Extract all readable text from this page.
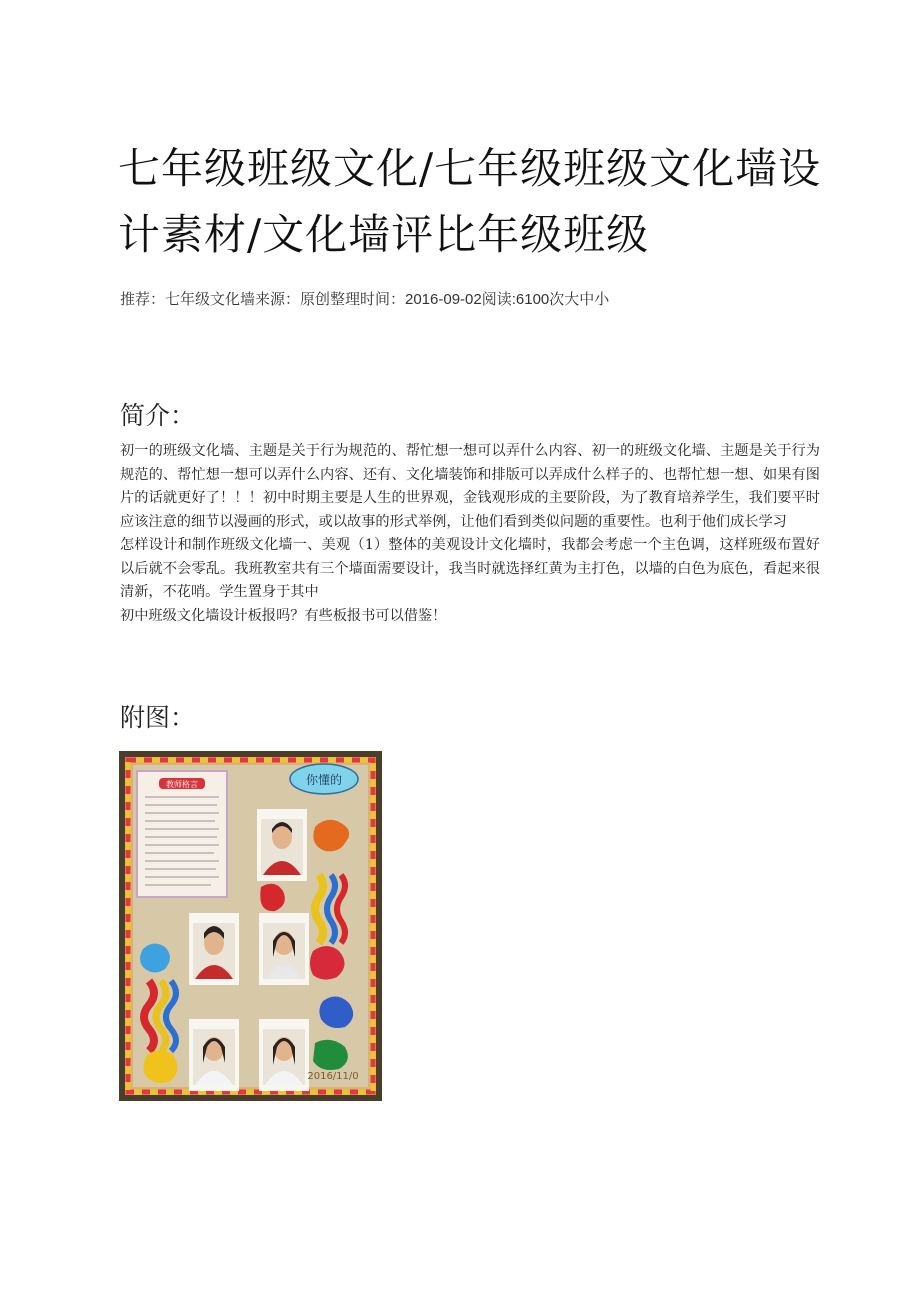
七年级班级文化/七年级班级文化墙设计素材/文化墙评比年级班级
推荐：七年级文化墙来源：原创整理时间：2016-09-02阅读:6100次大中小
简介：

初一的班级文化墙、主题是关于行为规范的、帮忙想一想可以弄什么内容、初一的班级文化墙、主题是关于行为规范的、帮忙想一想可以弄什么内容、还有、文化墙装饰和排版可以弄成什么样子的、也帮忙想一想、如果有图片的话就更好了！！！初中时期主要是人生的世界观，金钱观形成的主要阶段，为了教育培养学生，我们要平时应该注意的细节以漫画的形式，或以故事的形式举例，让他们看到类似问题的重要性。也利于他们成长学习

怎样设计和制作班级文化墙一、美观（1）整体的美观设计文化墙时，我都会考虑一个主色调，这样班级布置好以后就不会零乱。我班教室共有三个墙面需要设计，我当时就选择红黄为主打色，以墙的白色为底色，看起来很清新，不花哨。学生置身于其中

初中班级文化墙设计板报吗？有些板报书可以借鉴！

附图：
教师格言	你懂的
2016/11/0
